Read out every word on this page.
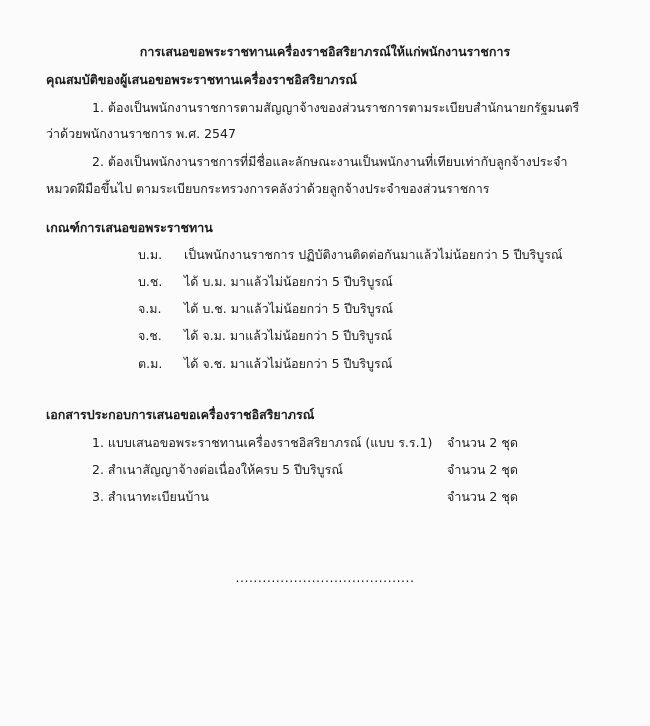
การเสนอขอพระราชทานเครื่องราชอิสริยาภรณ์ให้แก่พนักงานราชการ
คุณสมบัติของผู้เสนอขอพระราชทานเครื่องราชอิสริยาภรณ์
1. ต้องเป็นพนักงานราชการตามสัญญาจ้างของส่วนราชการตามระเบียบสำนักนายกรัฐมนตรี
ว่าด้วยพนักงานราชการ พ.ศ. 2547
2. ต้องเป็นพนักงานราชการที่มีชื่อและลักษณะงานเป็นพนักงานที่เทียบเท่ากับลูกจ้างประจำ
หมวดฝีมือขึ้นไป ตามระเบียบกระทรวงการคลังว่าด้วยลูกจ้างประจำของส่วนราชการ
เกณฑ์การเสนอขอพระราชทาน
บ.ม. เป็นพนักงานราชการ ปฏิบัติงานติดต่อกันมาแล้วไม่น้อยกว่า 5 ปีบริบูรณ์
บ.ช. ได้ บ.ม. มาแล้วไม่น้อยกว่า 5 ปีบริบูรณ์
จ.ม. ได้ บ.ช. มาแล้วไม่น้อยกว่า 5 ปีบริบูรณ์
จ.ช. ได้ จ.ม. มาแล้วไม่น้อยกว่า 5 ปีบริบูรณ์
ต.ม. ได้ จ.ช. มาแล้วไม่น้อยกว่า 5 ปีบริบูรณ์
เอกสารประกอบการเสนอขอเครื่องราชอิสริยาภรณ์
1. แบบเสนอขอพระราชทานเครื่องราชอิสริยาภรณ์ (แบบ ร.ร.1) จำนวน 2 ชุด
2. สำเนาสัญญาจ้างต่อเนื่องให้ครบ 5 ปีบริบูรณ์	จำนวน 2 ชุด
3. สำเนาทะเบียนบ้าน	จำนวน 2 ชุด
........................................
